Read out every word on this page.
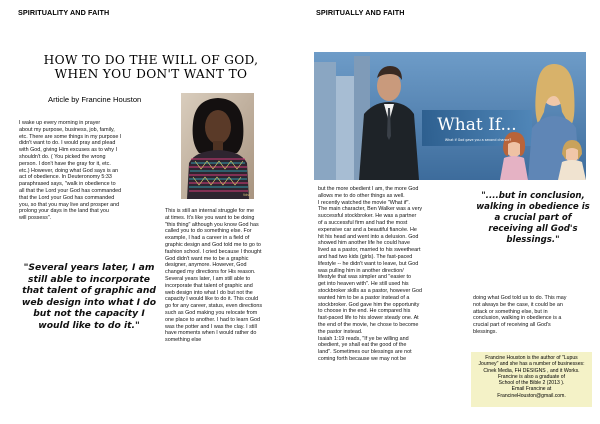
SPIRITUALITY AND FAITH
HOW TO DO THE WILL OF GOD,
WHEN YOU DON'T WANT TO
Article by Francine Houston
Vdsi
I wake up every morning in prayer
about my purpose, business, job, family,
etc. There are some things in my purpose I
didn't want to do. I would pray and plead
with God, giving Him excuses as to why I
shouldn't do. ( You picked the wrong
person. I don't have the gray for it, etc.
etc.) However, doing what God says is an
act of obedience. In Deuteronomy 5:33
paraphrased says, "walk in obedience to
all that the Lord your God has commanded
that the Lord your God has commanded
you, so that you may live and prosper and
prolong your days in the land that you
will possess".
This is still an internal struggle for me
at times. It's like you want to be doing
"this thing" although you know God has
called you to do something else. For
example, I had a career in a field of
graphic design and God told me to go to
fashion school. I cried because I thought
God didn't want me to be a graphic
designer, anymore. However, God
changed my directions for His reason.
Several years later, I am still able to
incorporate that talent of graphic and
web design into what I do but not the
capacity I would like to do it. This could
go for any career, status, even directions
such as God making you relocate from
one place to another. I had to learn God
was the potter and I was the clay. I still
have moments when I would rather do
something else
"Several years later, I am still able to incorporate that talent of graphic and web design into what I do but not the capacity I would like to do it."
SPIRITUALLY AND FAITH
What If...
What if God gave you a second chance?
but the more obedient I am, the more God
allows me to do other things as well.
I recently watched the movie "What if".
The main character, Ben Walker was a very
successful stockbroker. He was a partner
of a successful firm and had the most
expensive car and a beautiful fiancée. He
hit his head and went into a delusion. God
showed him another life he could have
lived as a pastor, married to his sweetheart
and had two kids (girls). The fast-paced
lifestyle -- he didn't want to leave, but God
was pulling him in another direction/
lifestyle that was simpler and "easier to
get into heaven with". He still used his
stockbroker skills as a pastor, however God
wanted him to be a pastor instead of a
stockbroker. God gave him the opportunity
to choose in the end. He compared his
fast-paced life to his slower steady one. At
the end of the movie, he chose to become
the pastor instead.
Isaiah 1:19 reads, "If ye be willing and
obedient, ye shall eat the good of the
land". Sometimes our blessings are not
coming forth because we may not be
"....but in conclusion, walking in obedience is a crucial part of receiving all God's blessings."
doing what God told us to do. This may
not always be the case, it could be an
attack or something else, but in
conclusion, walking in obedience is a
crucial part of receiving all God's
blessings.
Francine Houston is the author of "Lupus
Journey" and she has a number of businesses:
Cinek Media, FH DESIGNS , and it Works.
Francine is also a graduate of
School of the Bible 2 (2013 ).
Email Francine at
FrancineHouston@gmail.com.
